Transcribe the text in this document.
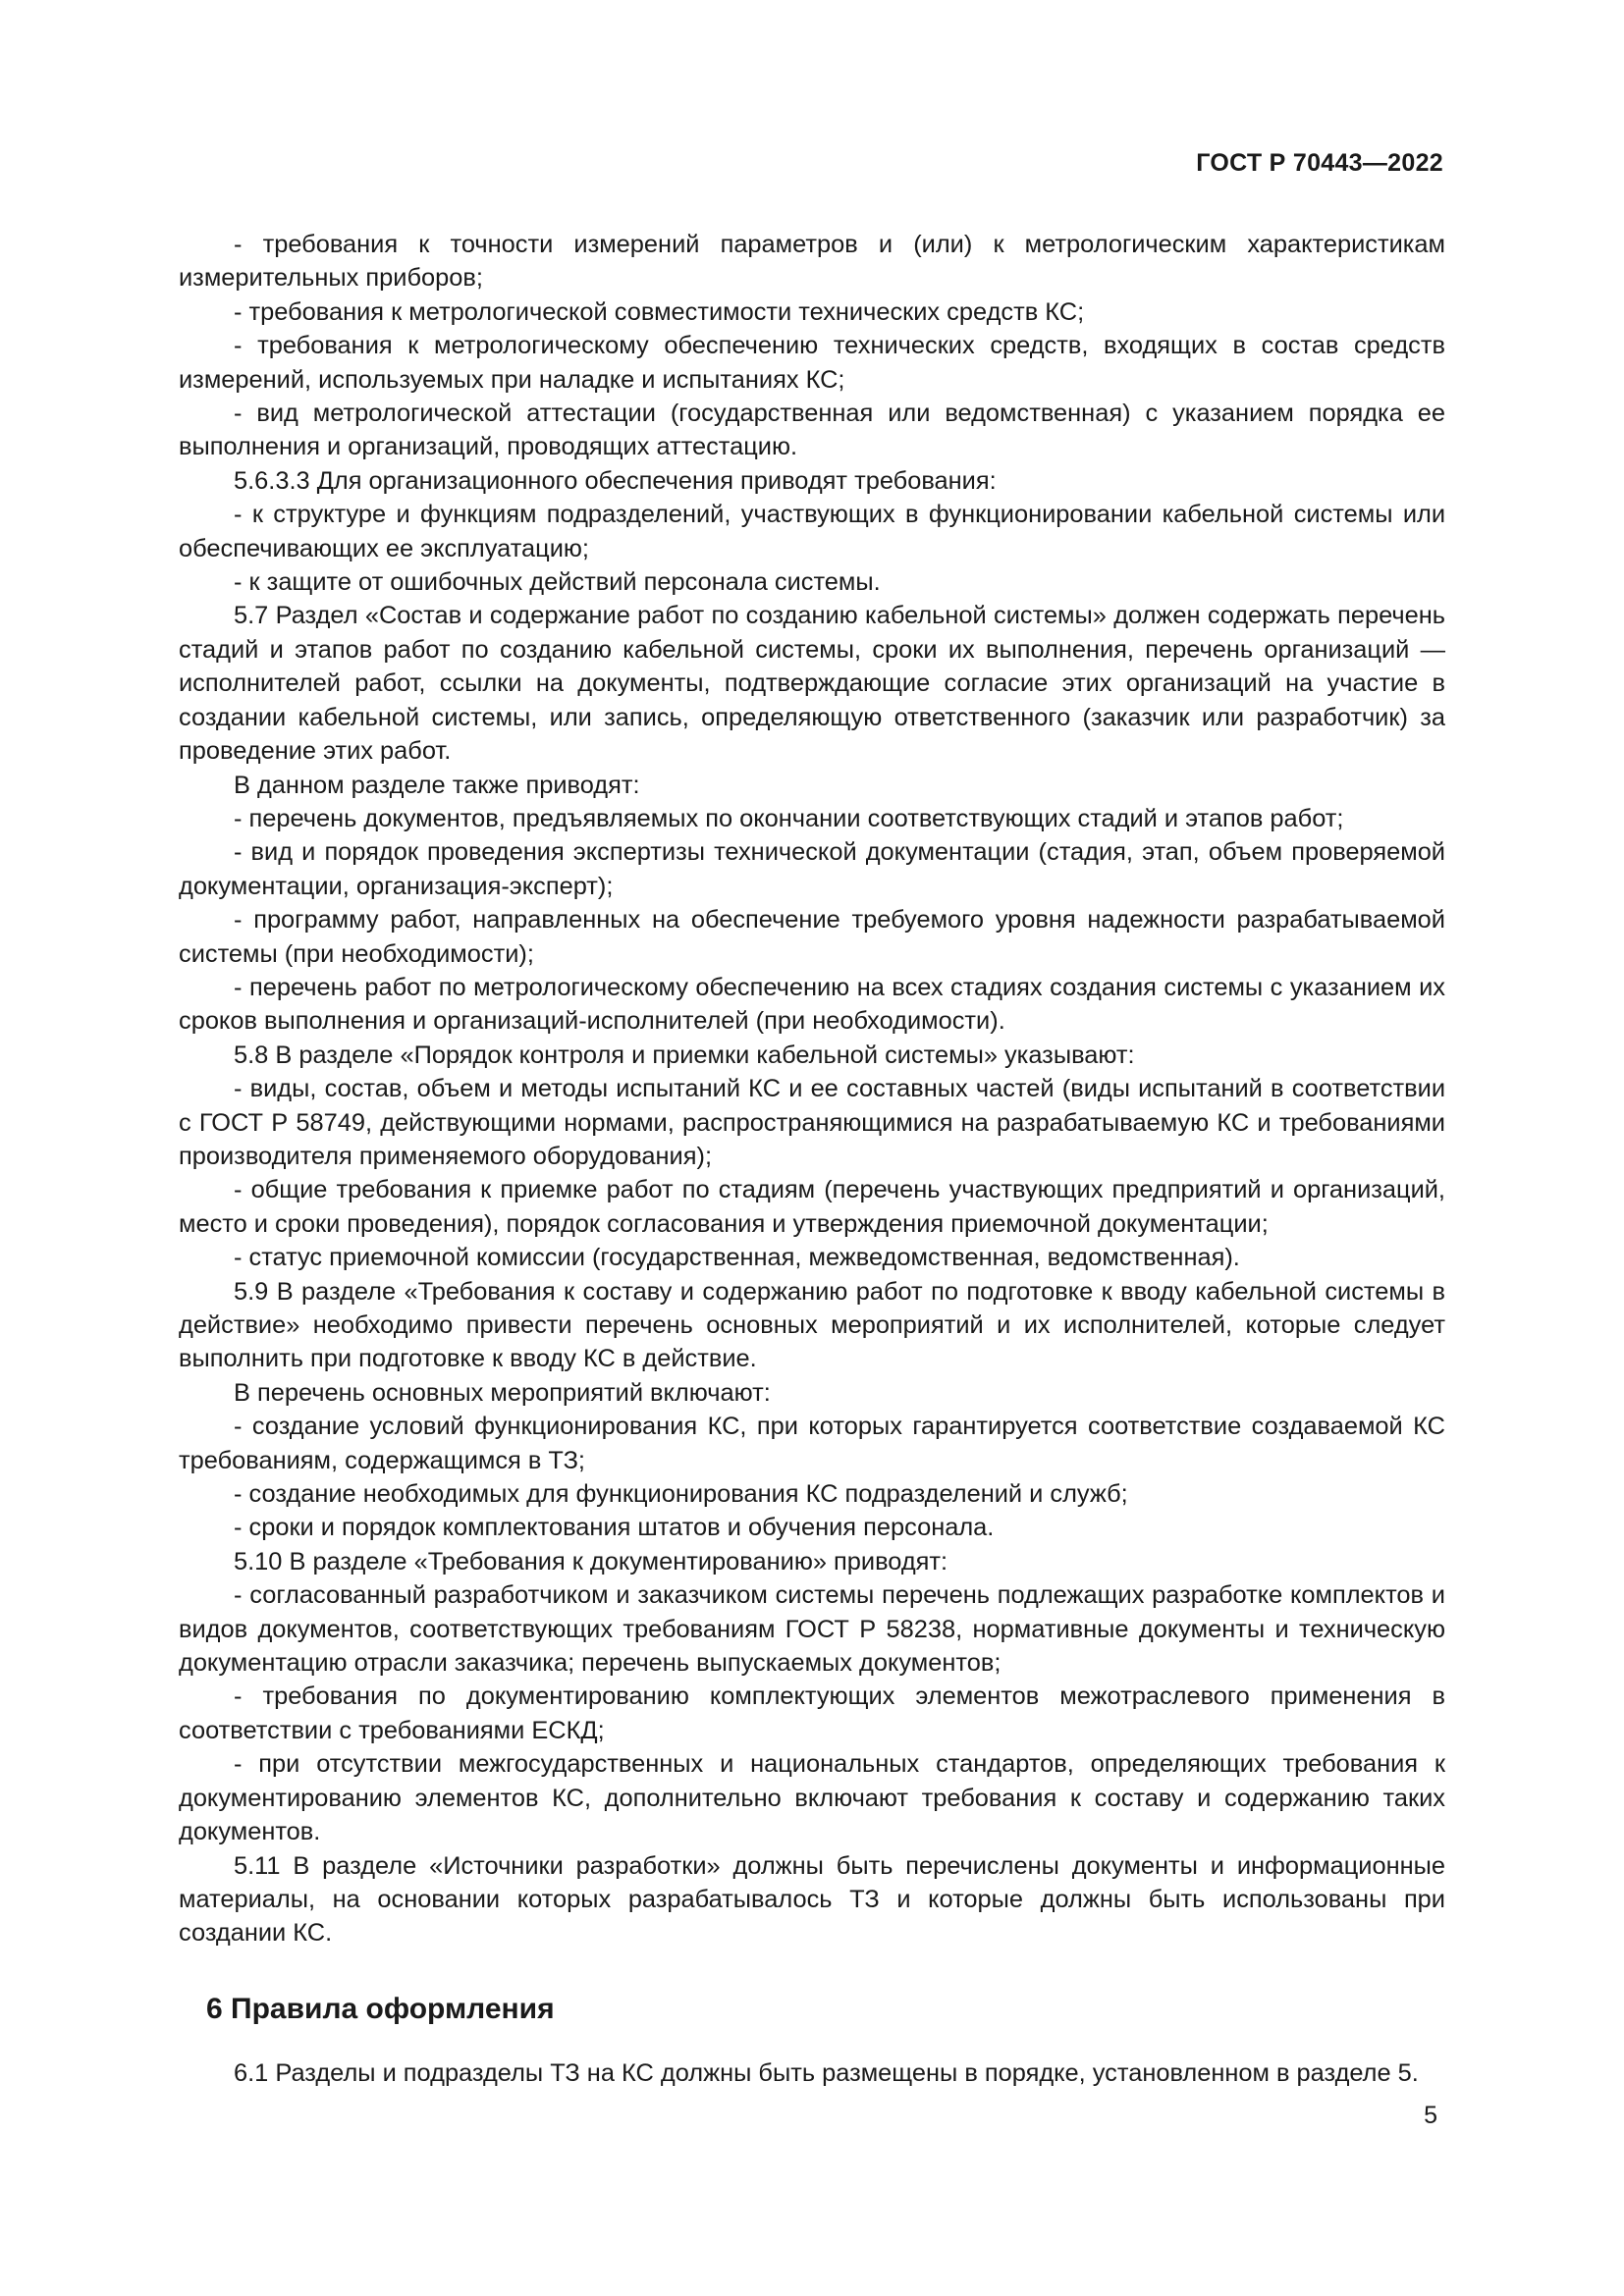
ГОСТ Р 70443—2022

- требования к точности измерений параметров и (или) к метрологическим характеристикам измерительных приборов;

- требования к метрологической совместимости технических средств КС;

- требования к метрологическому обеспечению технических средств, входящих в состав средств измерений, используемых при наладке и испытаниях КС;

- вид метрологической аттестации (государственная или ведомственная) с указанием порядка ее выполнения и организаций, проводящих аттестацию.

5.6.3.3 Для организационного обеспечения приводят требования:

- к структуре и функциям подразделений, участвующих в функционировании кабельной системы или обеспечивающих ее эксплуатацию;

- к защите от ошибочных действий персонала системы.

5.7 Раздел «Состав и содержание работ по созданию кабельной системы» должен содержать перечень стадий и этапов работ по созданию кабельной системы, сроки их выполнения, перечень организаций — исполнителей работ, ссылки на документы, подтверждающие согласие этих организаций на участие в создании кабельной системы, или запись, определяющую ответственного (заказчик или разработчик) за проведение этих работ.

В данном разделе также приводят:

- перечень документов, предъявляемых по окончании соответствующих стадий и этапов работ;

- вид и порядок проведения экспертизы технической документации (стадия, этап, объем проверяемой документации, организация-эксперт);

- программу работ, направленных на обеспечение требуемого уровня надежности разрабатываемой системы (при необходимости);

- перечень работ по метрологическому обеспечению на всех стадиях создания системы с указанием их сроков выполнения и организаций-исполнителей (при необходимости).

5.8 В разделе «Порядок контроля и приемки кабельной системы» указывают:

- виды, состав, объем и методы испытаний КС и ее составных частей (виды испытаний в соответствии с ГОСТ Р 58749, действующими нормами, распространяющимися на разрабатываемую КС и требованиями производителя применяемого оборудования);

- общие требования к приемке работ по стадиям (перечень участвующих предприятий и организаций, место и сроки проведения), порядок согласования и утверждения приемочной документации;

- статус приемочной комиссии (государственная, межведомственная, ведомственная).

5.9 В разделе «Требования к составу и содержанию работ по подготовке к вводу кабельной системы в действие» необходимо привести перечень основных мероприятий и их исполнителей, которые следует выполнить при подготовке к вводу КС в действие.

В перечень основных мероприятий включают:

- создание условий функционирования КС, при которых гарантируется соответствие создаваемой КС требованиям, содержащимся в ТЗ;

- создание необходимых для функционирования КС подразделений и служб;

- сроки и порядок комплектования штатов и обучения персонала.

5.10 В разделе «Требования к документированию» приводят:

- согласованный разработчиком и заказчиком системы перечень подлежащих разработке комплектов и видов документов, соответствующих требованиям ГОСТ Р 58238, нормативные документы и техническую документацию отрасли заказчика; перечень выпускаемых документов;

- требования по документированию комплектующих элементов межотраслевого применения в соответствии с требованиями ЕСКД;

- при отсутствии межгосударственных и национальных стандартов, определяющих требования к документированию элементов КС, дополнительно включают требования к составу и содержанию таких документов.

5.11 В разделе «Источники разработки» должны быть перечислены документы и информационные материалы, на основании которых разрабатывалось ТЗ и которые должны быть использованы при создании КС.

6 Правила оформления

6.1 Разделы и подразделы ТЗ на КС должны быть размещены в порядке, установленном в разделе 5.

5
